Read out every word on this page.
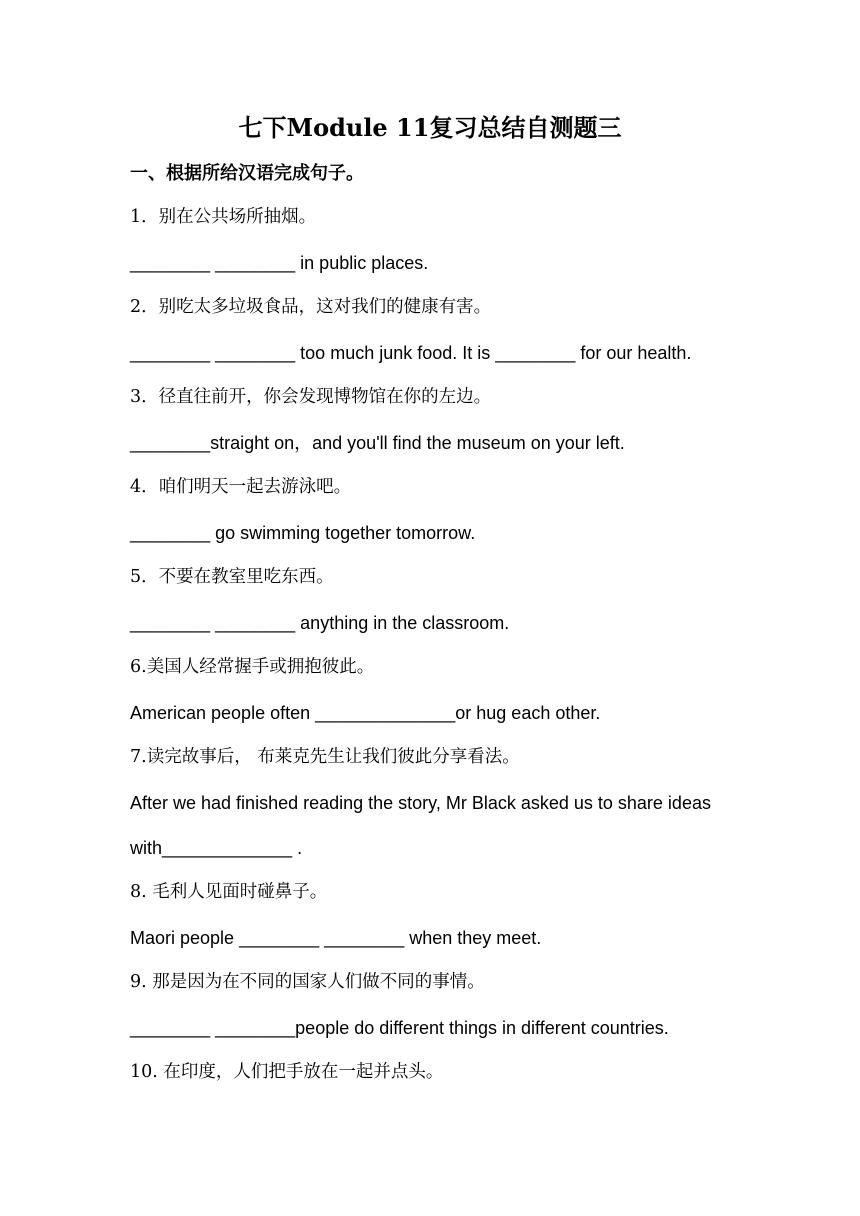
七下Module 11复习总结自测题三
一、根据所给汉语完成句子。

1．别在公共场所抽烟。

________ ________ in public places.

2．别吃太多垃圾食品，这对我们的健康有害。

________ ________ too much junk food. It is ________ for our health.

3．径直往前开，你会发现博物馆在你的左边。

________straight on，and you'll find the museum on your left.

4．咱们明天一起去游泳吧。

________ go swimming together tomorrow.

5．不要在教室里吃东西。

________ ________ anything in the classroom.

6.美国人经常握手或拥抱彼此。

American people often ______________or hug each other.

7.读完故事后， 布莱克先生让我们彼此分享看法。

After we had finished reading the story, Mr Black asked us to share ideas

with_____________ .

8. 毛利人见面时碰鼻子。

Maori people ________ ________ when they meet.

9. 那是因为在不同的国家人们做不同的事情。

________ ________people do different things in different countries.

10. 在印度，人们把手放在一起并点头。
